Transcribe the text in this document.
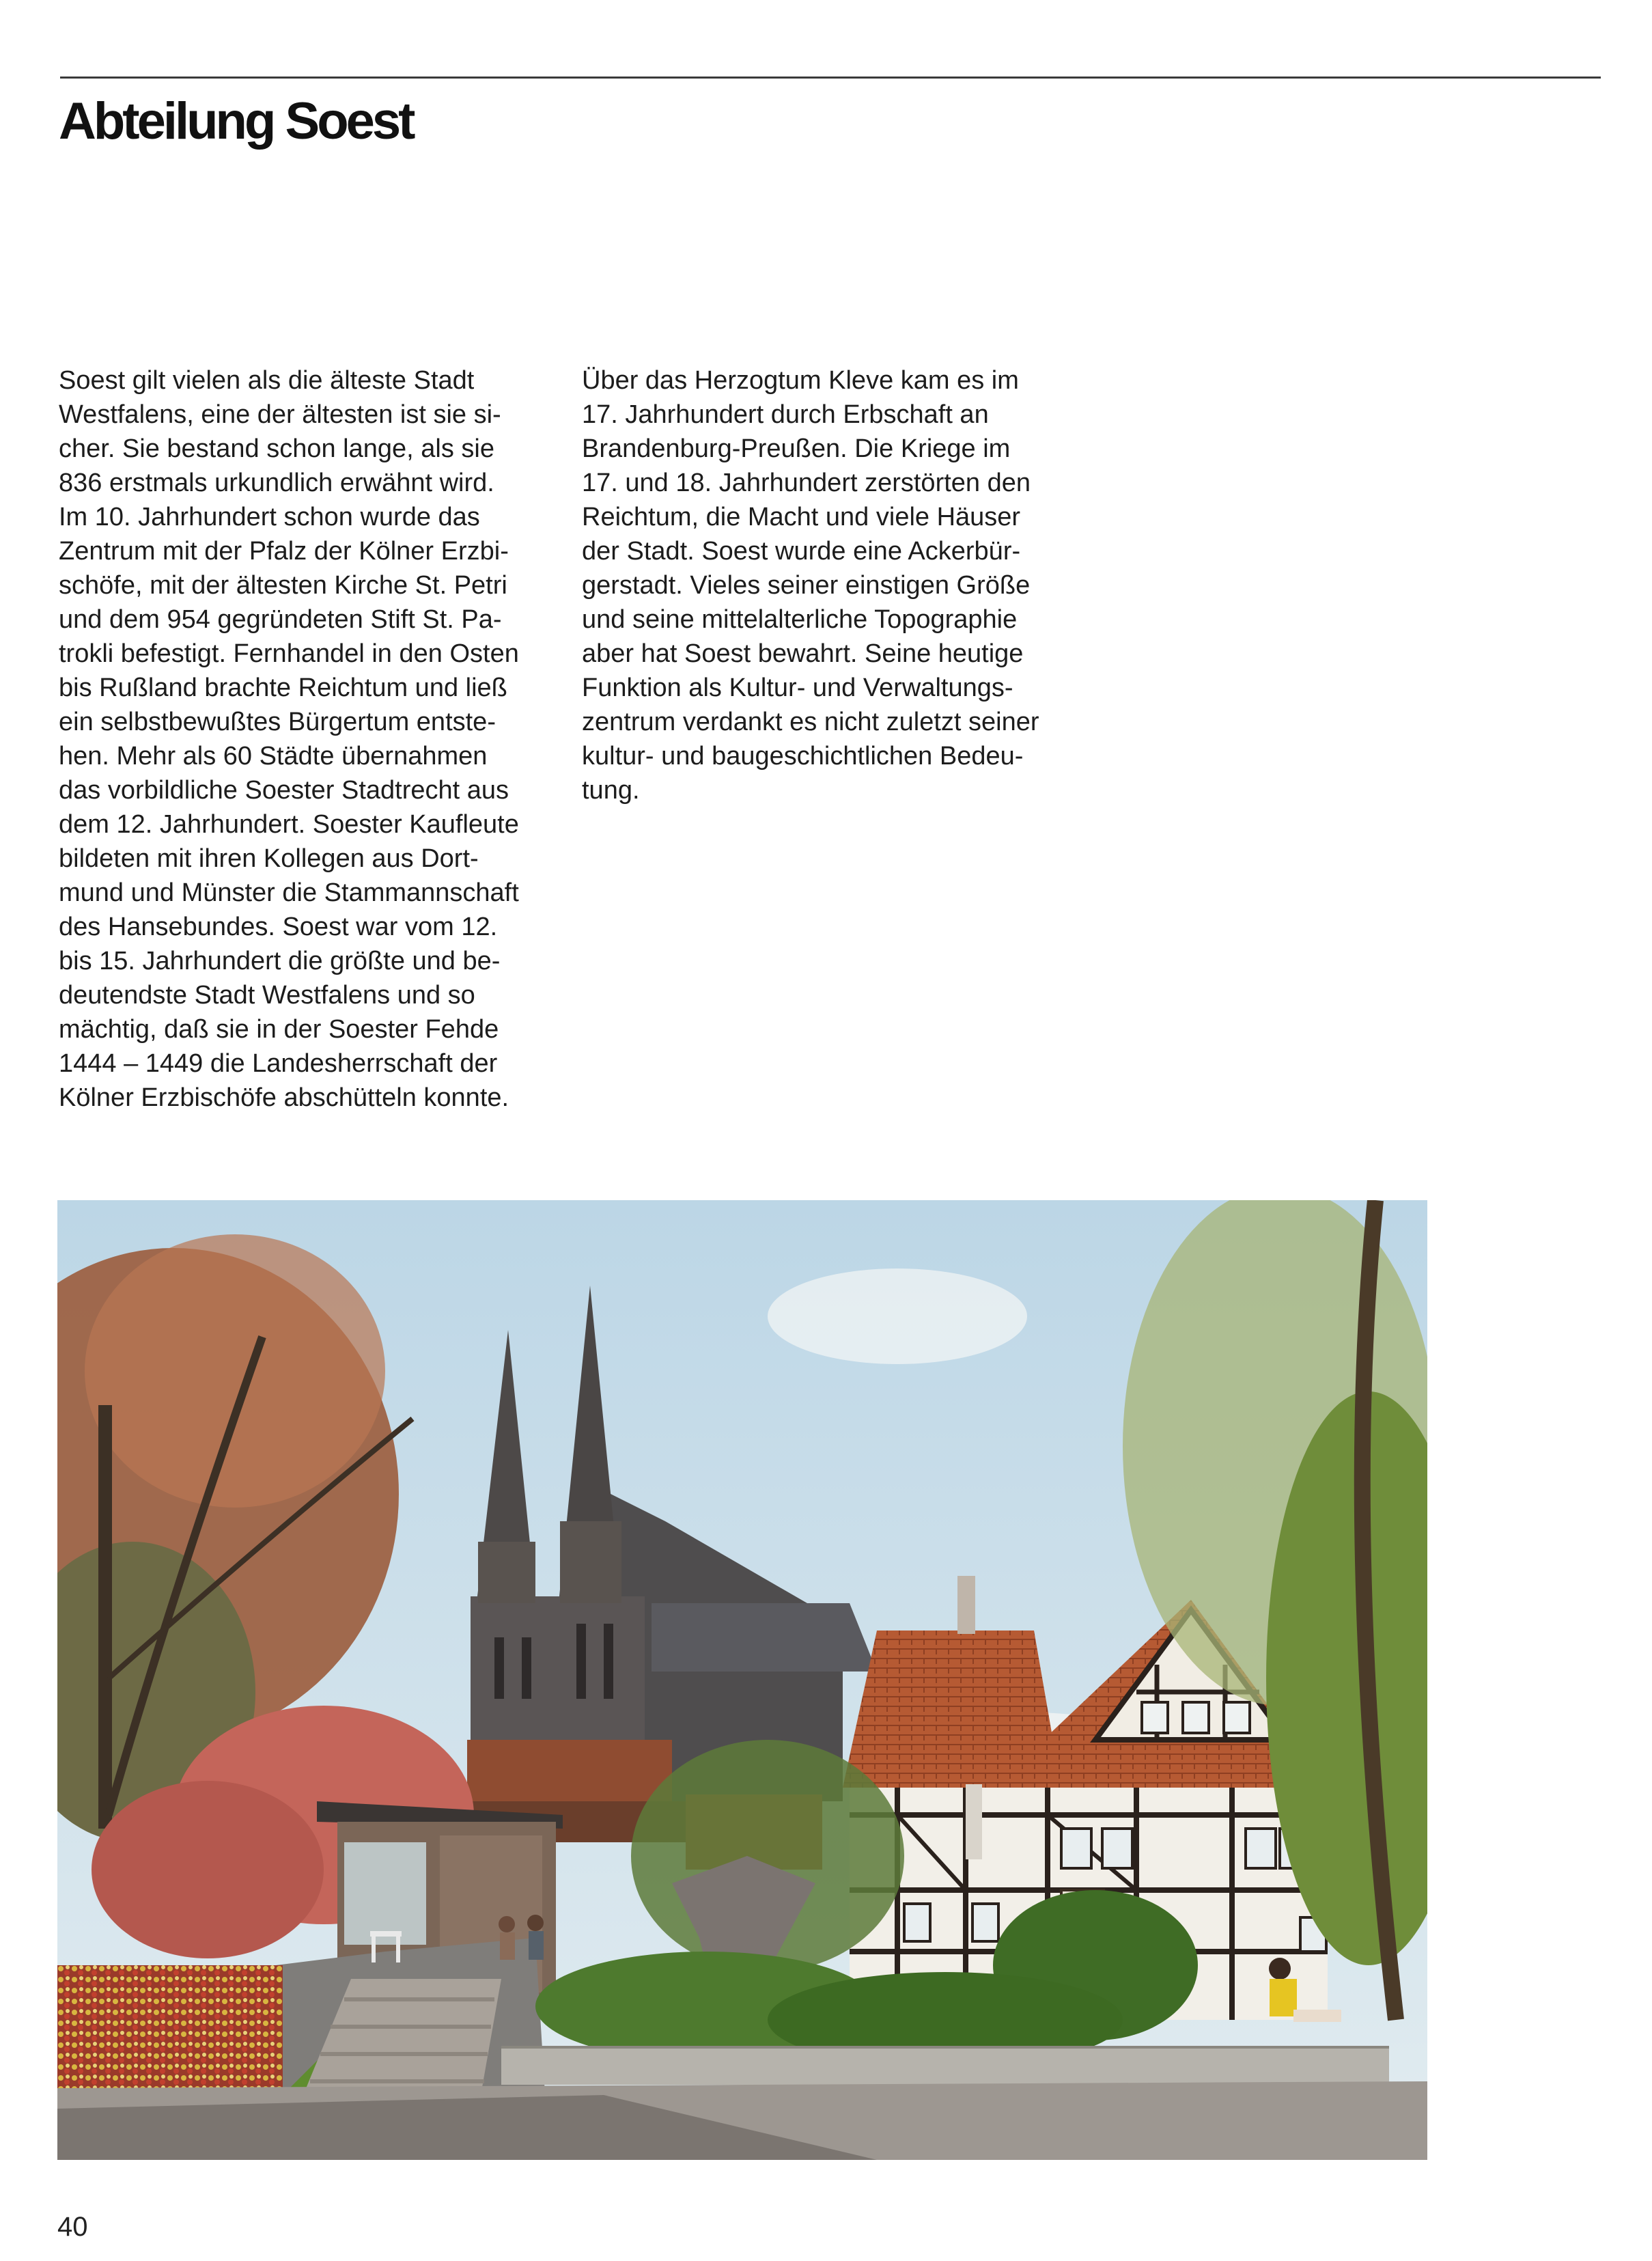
Abteilung Soest
Soest gilt vielen als die älteste Stadt
Westfalens, eine der ältesten ist sie si-
cher. Sie bestand schon lange, als sie
836 erstmals urkundlich erwähnt wird.
Im 10. Jahrhundert schon wurde das
Zentrum mit der Pfalz der Kölner Erzbi-
schöfe, mit der ältesten Kirche St. Petri
und dem 954 gegründeten Stift St. Pa-
trokli befestigt. Fernhandel in den Osten
bis Rußland brachte Reichtum und ließ
ein selbstbewußtes Bürgertum entste-
hen. Mehr als 60 Städte übernahmen
das vorbildliche Soester Stadtrecht aus
dem 12. Jahrhundert. Soester Kaufleute
bildeten mit ihren Kollegen aus Dort-
mund und Münster die Stammannschaft
des Hansebundes. Soest war vom 12.
bis 15. Jahrhundert die größte und be-
deutendste Stadt Westfalens und so
mächtig, daß sie in der Soester Fehde
1444 – 1449 die Landesherrschaft der
Kölner Erzbischöfe abschütteln konnte.
Über das Herzogtum Kleve kam es im
17. Jahrhundert durch Erbschaft an
Brandenburg-Preußen. Die Kriege im
17. und 18. Jahrhundert zerstörten den
Reichtum, die Macht und viele Häuser
der Stadt. Soest wurde eine Ackerbür-
gerstadt. Vieles seiner einstigen Größe
und seine mittelalterliche Topographie
aber hat Soest bewahrt. Seine heutige
Funktion als Kultur- und Verwaltungs-
zentrum verdankt es nicht zuletzt seiner
kultur- und baugeschichtlichen Bedeu-
tung.

40
